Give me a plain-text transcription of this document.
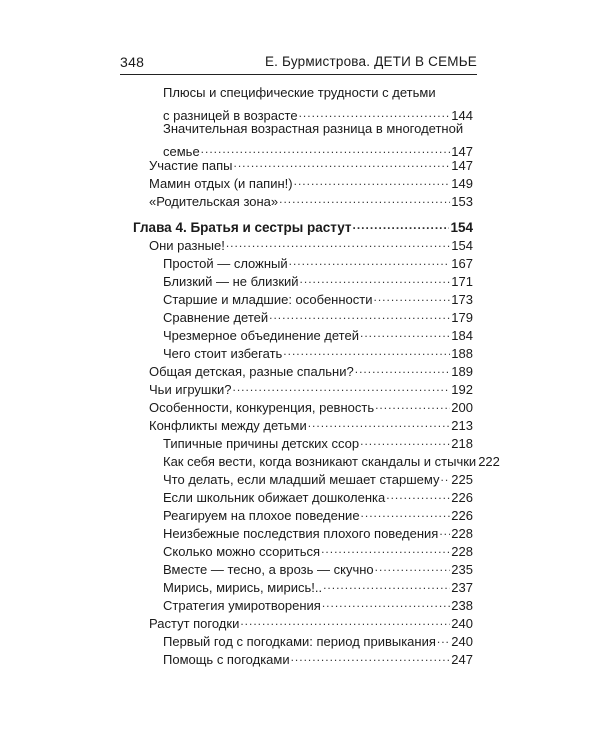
348	Е. Бурмистрова. ДЕТИ В СЕМЬЕ
Плюсы и специфические трудности с детьми
с разницей в возрасте .....	144
Значительная возрастная разница в многодетной
семье .....	147
Участие папы .....	147
Мамин отдых (и папин!) .....	149
«Родительская зона» .....	153
Глава 4. Братья и сестры растут .....	154
Они разные! .....	154
Простой — сложный .....	167
Близкий — не близкий .....	171
Старшие и младшие: особенности .....	173
Сравнение детей .....	179
Чрезмерное объединение детей .....	184
Чего стоит избегать .....	188
Общая детская, разные спальни? .....	189
Чьи игрушки? .....	192
Особенности, конкуренция, ревность .....	200
Конфликты между детьми .....	213
Типичные причины детских ссор .....	218
Как себя вести, когда возникают скандалы и стычки 222
Что делать, если младший мешает старшему ..... 225
Если школьник обижает дошколенка .....	226
Реагируем на плохое поведение .....	226
Неизбежные последствия плохого поведения ..... 228
Сколько можно ссориться .....	228
Вместе — тесно, а врозь — скучно .....	235
Мирись, мирись, мирись!.. .....	237
Стратегия умиротворения .....	238
Растут погодки .....	240
Первый год с погодками: период привыкания ..... 240
Помощь с погодками .....	247
